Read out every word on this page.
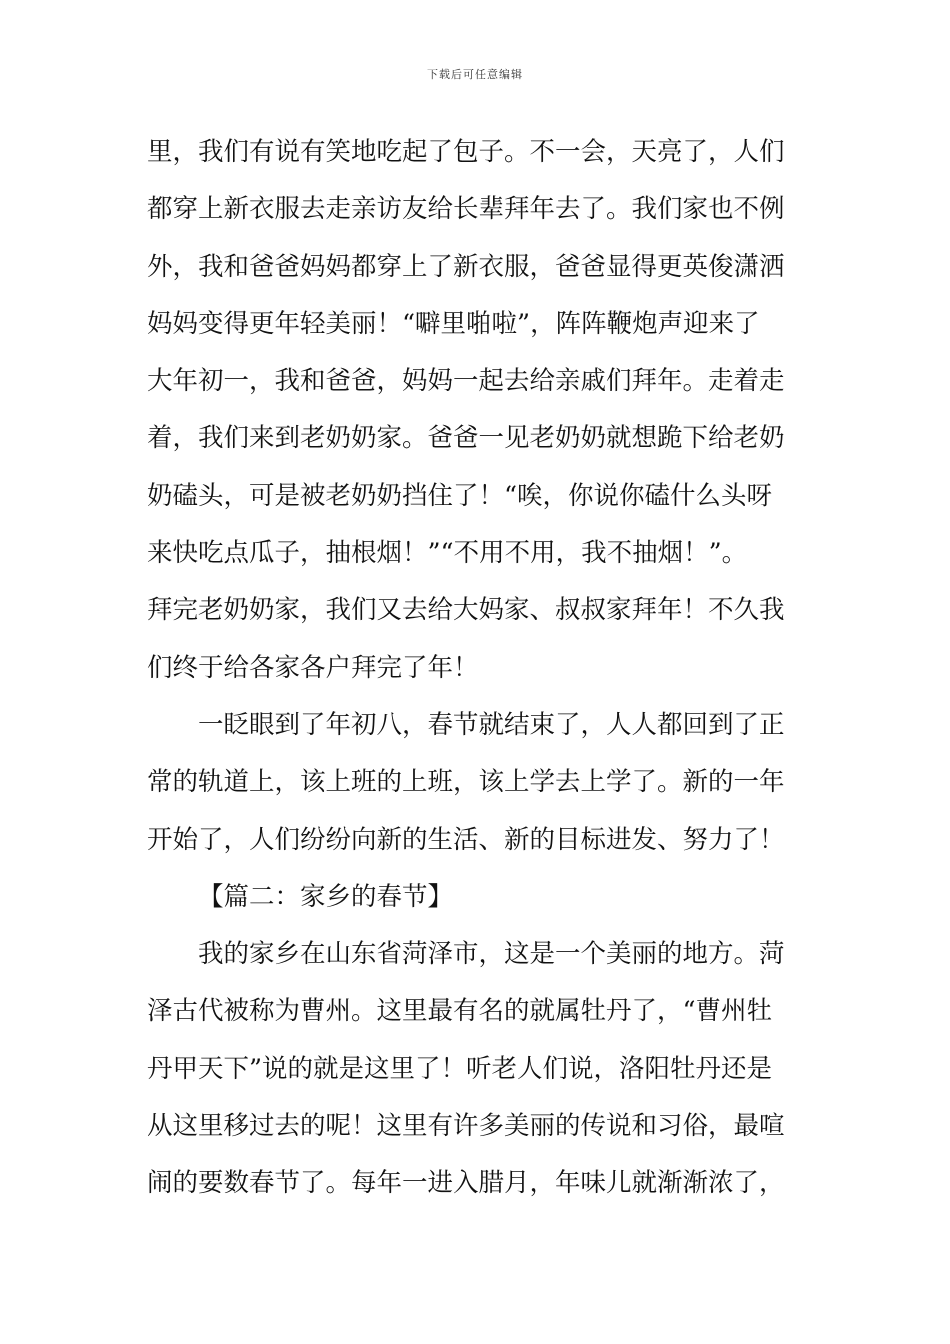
下载后可任意编辑
里，我们有说有笑地吃起了包子。不一会，天亮了，人们
都穿上新衣服去走亲访友给长辈拜年去了。我们家也不例
外，我和爸爸妈妈都穿上了新衣服，爸爸显得更英俊潇洒
妈妈变得更年轻美丽！“噼里啪啦”，阵阵鞭炮声迎来了
大年初一，我和爸爸，妈妈一起去给亲戚们拜年。走着走
着，我们来到老奶奶家。爸爸一见老奶奶就想跪下给老奶
奶磕头，可是被老奶奶挡住了！“唉，你说你磕什么头呀
来快吃点瓜子，抽根烟！”“不用不用，我不抽烟！”。
拜完老奶奶家，我们又去给大妈家、叔叔家拜年！不久我
们终于给各家各户拜完了年！
一眨眼到了年初八，春节就结束了，人人都回到了正
常的轨道上，该上班的上班，该上学去上学了。新的一年
开始了，人们纷纷向新的生活、新的目标进发、努力了！
【篇二：家乡的春节】
我的家乡在山东省菏泽市，这是一个美丽的地方。菏
泽古代被称为曹州。这里最有名的就属牡丹了，“曹州牡
丹甲天下”说的就是这里了！听老人们说，洛阳牡丹还是
从这里移过去的呢！这里有许多美丽的传说和习俗，最喧
闹的要数春节了。每年一进入腊月，年味儿就渐渐浓了，
